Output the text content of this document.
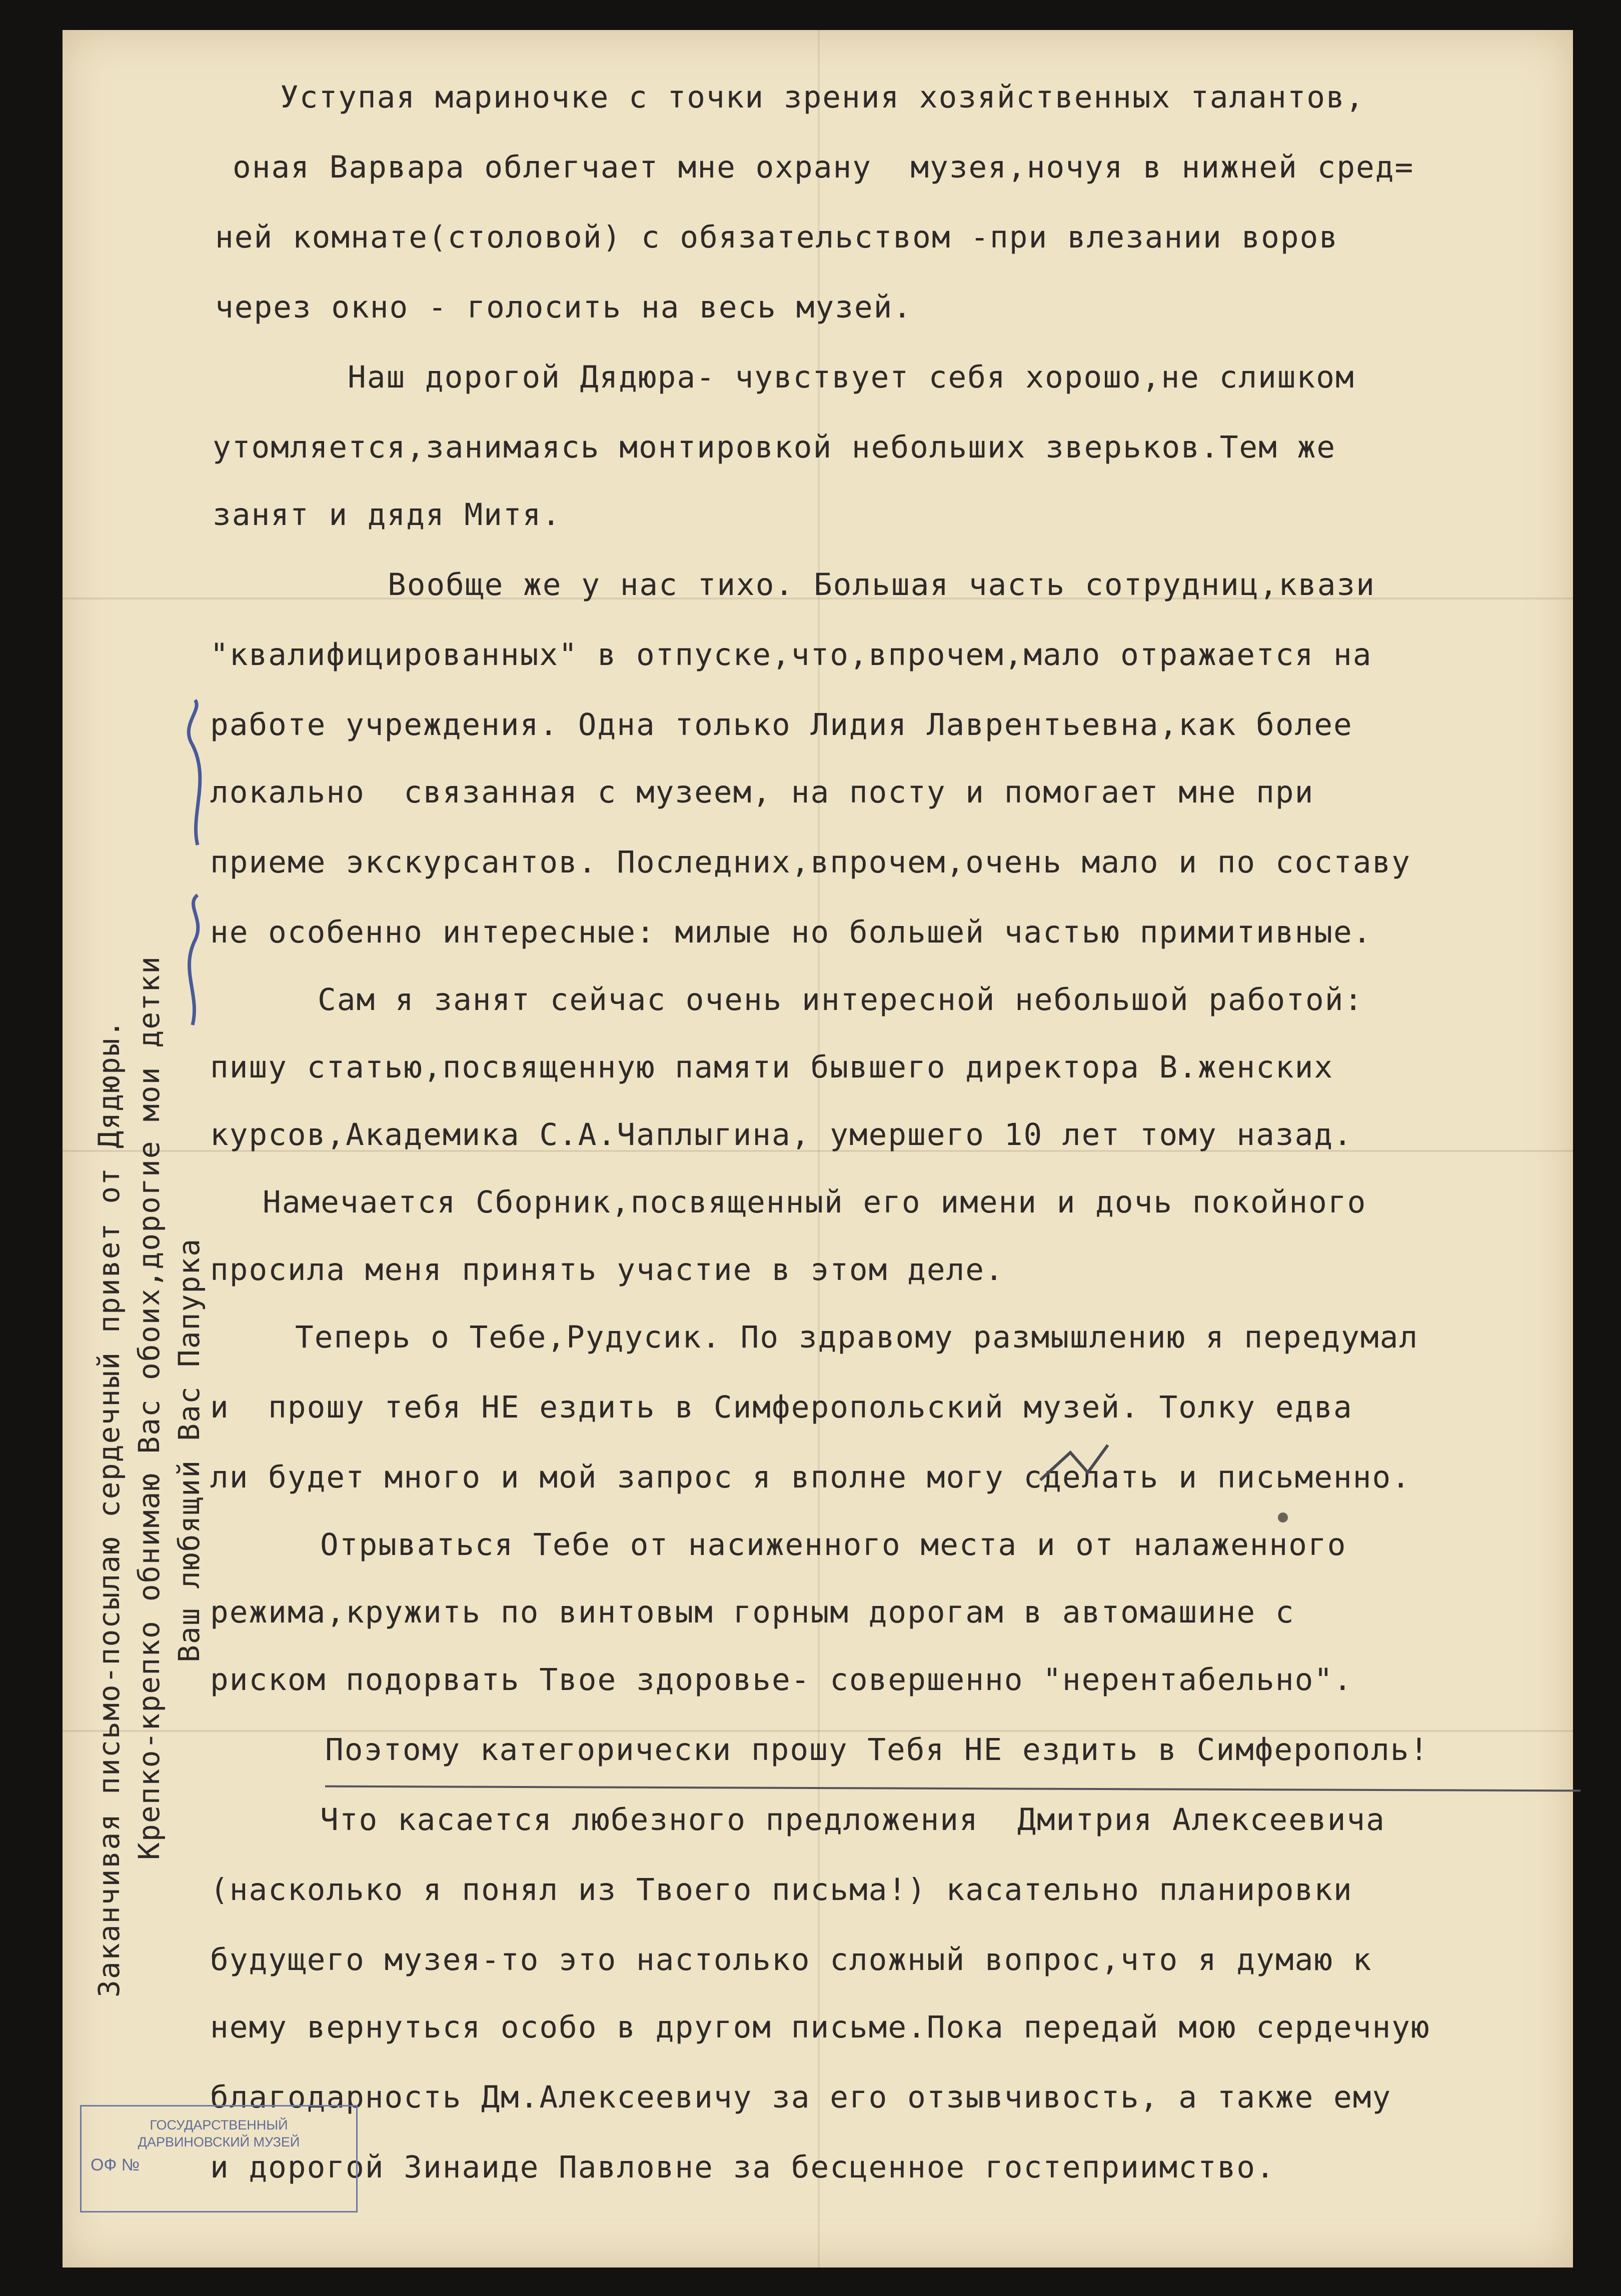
Уступая мариночке с точки зрения хозяйственных талантов,

оная Варвара облегчает мне охрану  музея,ночуя в нижней сред=

ней комнате(столовой) с обязательством -при влезании воров

через окно - голосить на весь музей.

Наш дорогой Дядюра- чувствует себя хорошо,не слишком

утомляется,занимаясь монтировкой небольших зверьков.Тем же

занят и дядя Митя.

Вообще же у нас тихо. Большая часть сотрудниц,квази

"квалифицированных" в отпуске,что,впрочем,мало отражается на

работе учреждения. Одна только Лидия Лаврентьевна,как более

локально  связанная с музеем, на посту и помогает мне при

приеме экскурсантов. Последних,впрочем,очень мало и по составу

не особенно интересные: милые но большей частью примитивные.

Сам я занят сейчас очень интересной небольшой работой:

пишу статью,посвященную памяти бывшего директора В.женских

курсов,Академика С.А.Чаплыгина, умершего 10 лет тому назад.

Намечается Сборник,посвященный его имени и дочь покойного

просила меня принять участие в этом деле.

Теперь о Тебе,Рудусик. По здравому размышлению я передумал

и  прошу тебя НЕ ездить в Симферопольский музей. Толку едва

ли будет много и мой запрос я вполне могу сделать и письменно.

Отрываться Тебе от насиженного места и от налаженного

режима,кружить по винтовым горным дорогам в автомашине с

риском подорвать Твое здоровье- совершенно "нерентабельно".

Поэтому категорически прошу Тебя НЕ ездить в Симферополь!

Что касается любезного предложения  Дмитрия Алексеевича

(насколько я понял из Твоего письма!) касательно планировки

будущего музея-то это настолько сложный вопрос,что я думаю к

нему вернуться особо в другом письме.Пока передай мою сердечную

благодарность Дм.Алексеевичу за его отзывчивость, а также ему

и дорогой Зинаиде Павловне за бесценное гостеприимство.

Заканчивая письмо-посылаю сердечный привет от Дядюры. Крепко-крепко обнимаю Вас обоих,дорогие мои детки Ваш любящий Вас Папурка
ГОСУДАРСТВЕННЫЙ
ДАРВИНОВСКИЙ МУЗЕЙ
ОФ №
